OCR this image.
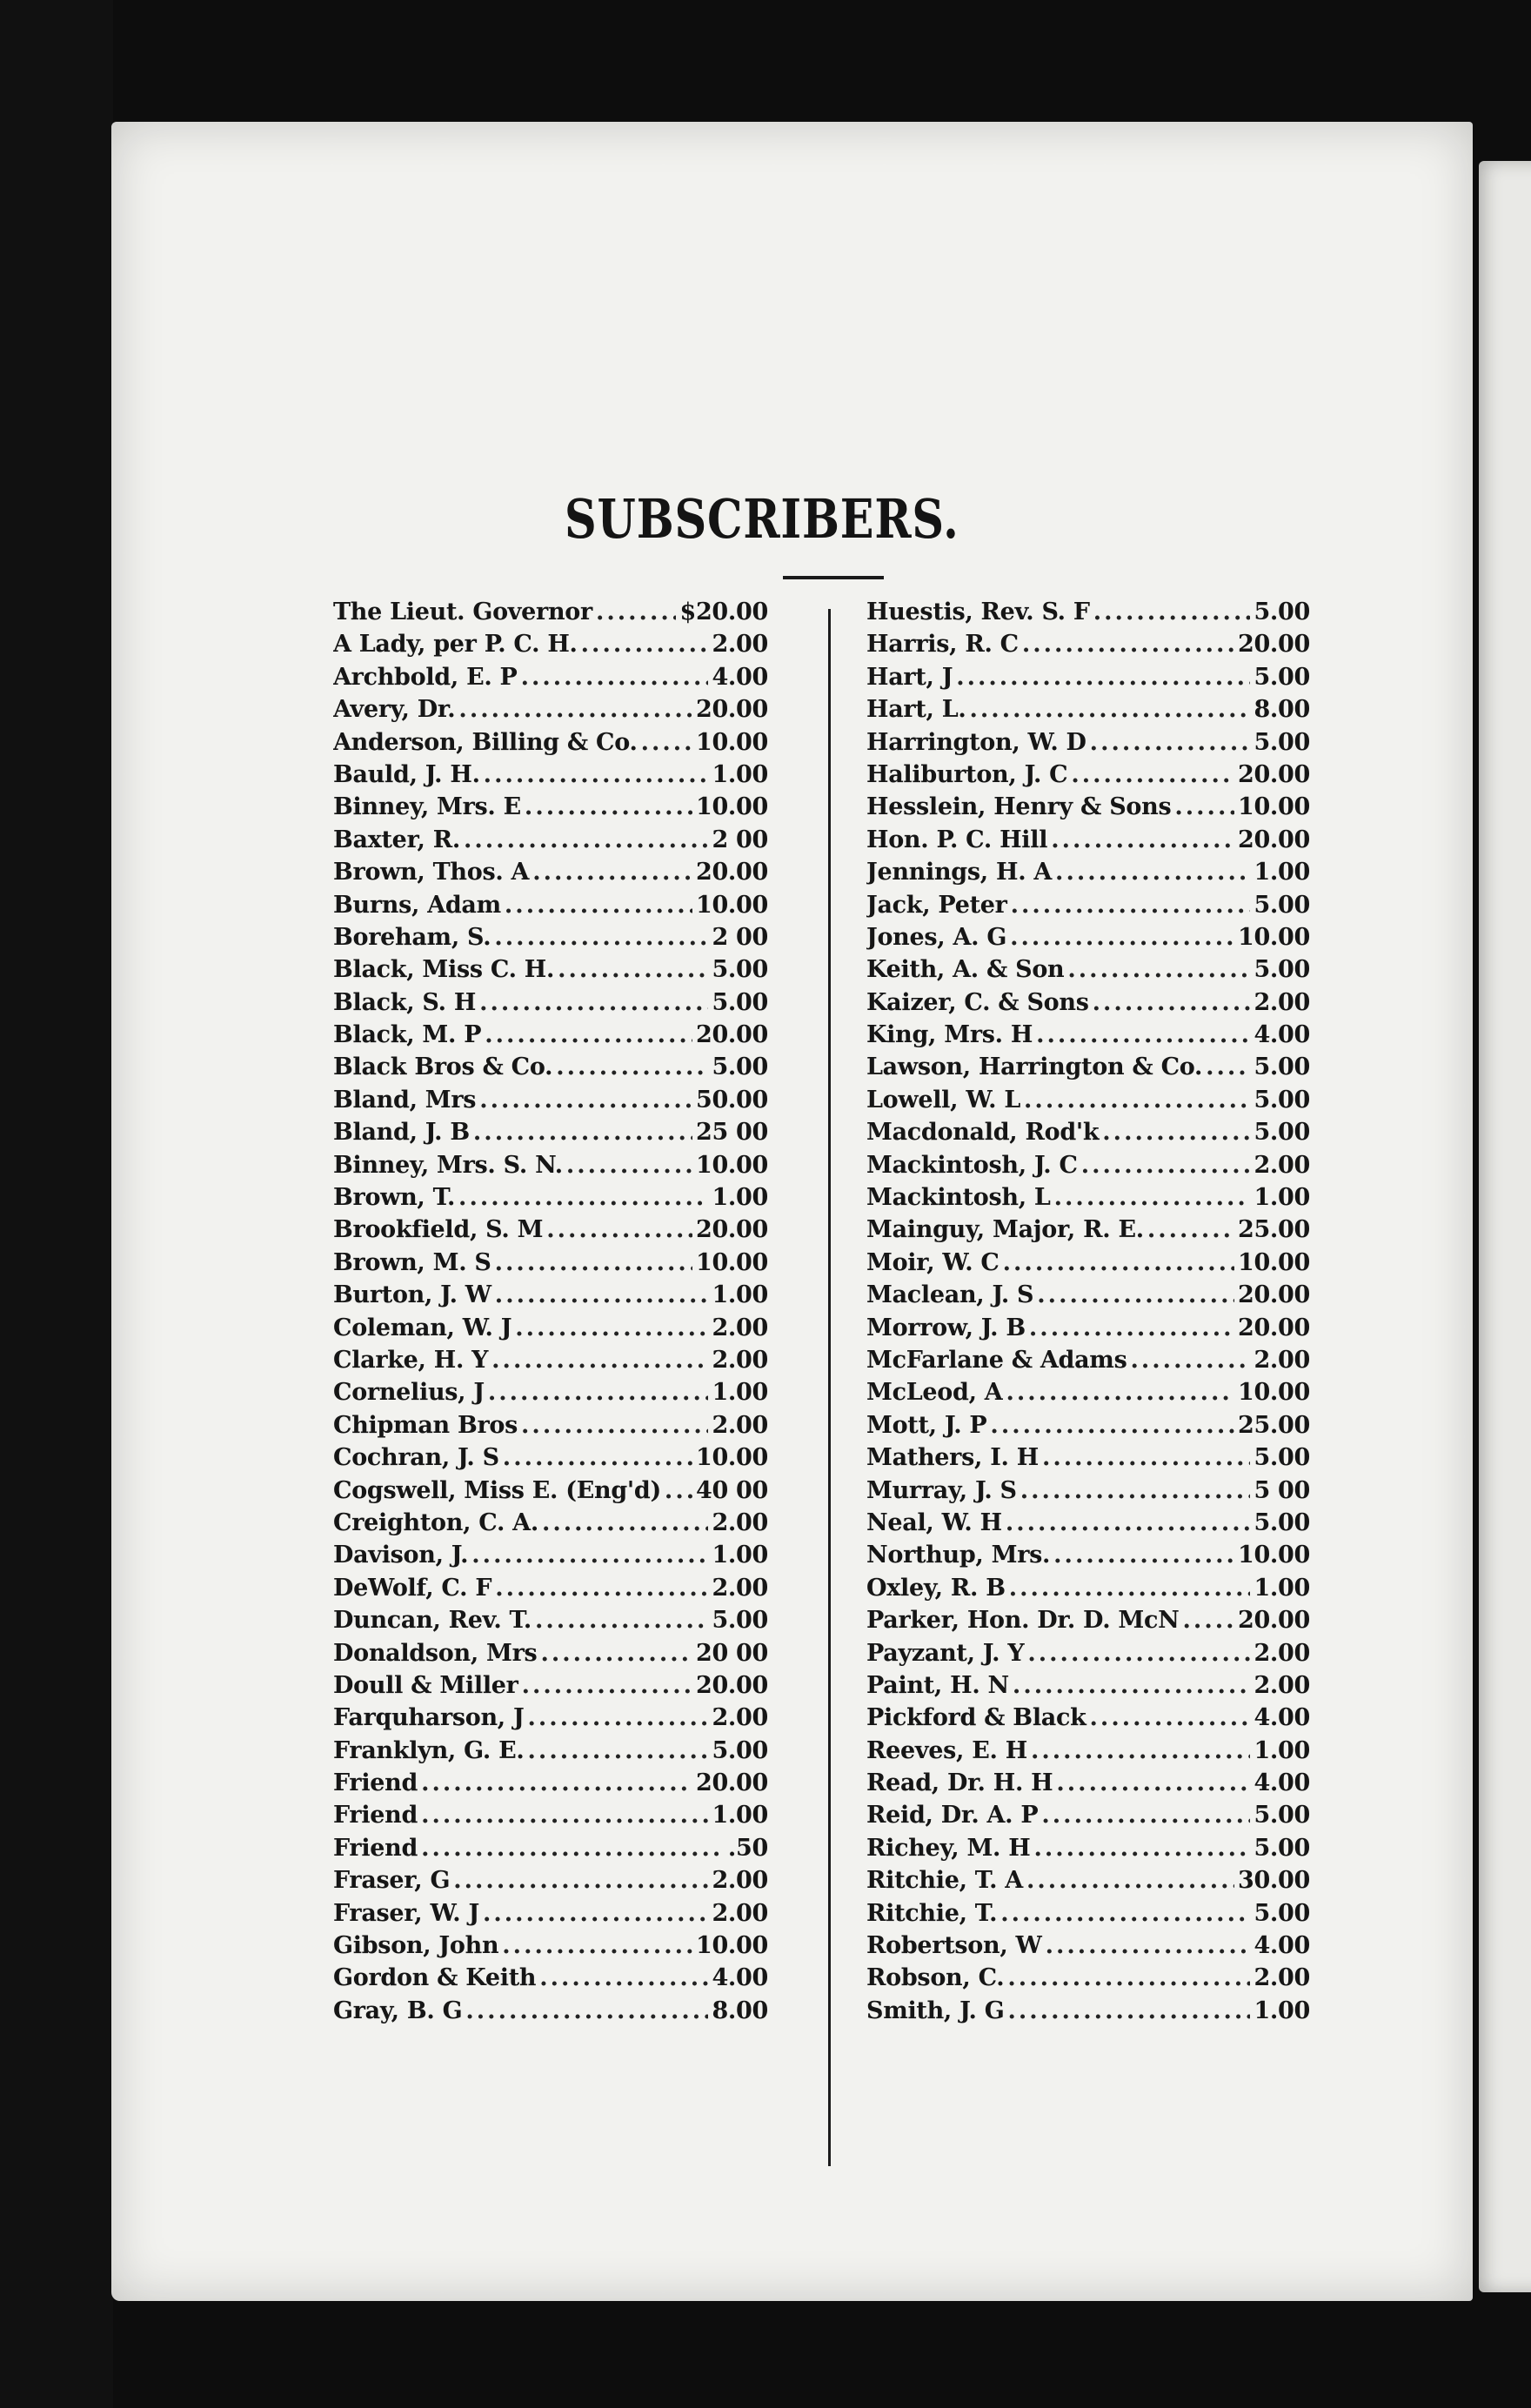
SUBSCRIBERS.
The Lieut. Governor .....	$20.00
A Lady, per P. C. H. .....	2.00
Archbold, E. P .....	4.00
Avery, Dr. .....	20.00
Anderson, Billing & Co. ..... 10.00
Bauld, J. H. .....	1.00
Binney, Mrs. E .....	10.00
Baxter, R. .....	2 00
Brown, Thos. A .....	20.00
Burns, Adam .....	10.00
Boreham, S. .....	2 00
Black, Miss C. H. .....	5.00
Black, S. H .....	5.00
Black, M. P .....	20.00
Black Bros & Co. .....	5.00
Bland, Mrs .....	50.00
Bland, J. B .....	25 00
Binney, Mrs. S. N. .....	10.00
Brown, T. .....	1.00
Brookfield, S. M .....	20.00
Brown, M. S .....	10.00
Burton, J. W .....	1.00
Coleman, W. J .....	2.00
Clarke, H. Y .....	2.00
Cornelius, J .....	1.00
Chipman Bros .....	2.00
Cochran, J. S .....	10.00
Cogswell, Miss E. (Eng'd) ..... 40 00
Creighton, C. A. .....	2.00
Davison, J. .....	1.00
DeWolf, C. F .....	2.00
Duncan, Rev. T. .....	5.00
Donaldson, Mrs .....	20 00
Doull & Miller .....	20.00
Farquharson, J .....	2.00
Franklyn, G. E. .....	5.00
Friend .....	20.00
Friend .....	1.00
Friend .....	.50
Fraser, G .....	2.00
Fraser, W. J .....	2.00
Gibson, John .....	10.00
Gordon & Keith .....	4.00
Gray, B. G .....	8.00
Huestis, Rev. S. F .....	5.00
Harris, R. C .....	20.00
Hart, J .....	5.00
Hart, L. .....	8.00
Harrington, W. D .....	5.00
Haliburton, J. C .....	20.00
Hesslein, Henry & Sons .....	10.00
Hon. P. C. Hill .....	20.00
Jennings, H. A .....	1.00
Jack, Peter .....	5.00
Jones, A. G .....	10.00
Keith, A. & Son .....	5.00
Kaizer, C. & Sons .....	2.00
King, Mrs. H .....	4.00
Lawson, Harrington & Co. ..... 5.00
Lowell, W. L .....	5.00
Macdonald, Rod'k .....	5.00
Mackintosh, J. C .....	2.00
Mackintosh, L .....	1.00
Mainguy, Major, R. E. .....	25.00
Moir, W. C .....	10.00
Maclean, J. S .....	20.00
Morrow, J. B .....	20.00
McFarlane & Adams .....	2.00
McLeod, A .....	10.00
Mott, J. P .....	25.00
Mathers, I. H .....	5.00
Murray, J. S .....	5 00
Neal, W. H .....	5.00
Northup, Mrs. .....	10.00
Oxley, R. B .....	1.00
Parker, Hon. Dr. D. McN ..... 20.00
Payzant, J. Y .....	2.00
Paint, H. N .....	2.00
Pickford & Black .....	4.00
Reeves, E. H .....	1.00
Read, Dr. H. H .....	4.00
Reid, Dr. A. P .....	5.00
Richey, M. H .....	5.00
Ritchie, T. A .....	30.00
Ritchie, T. .....	5.00
Robertson, W .....	4.00
Robson, C. .....	2.00
Smith, J. G .....	1.00
